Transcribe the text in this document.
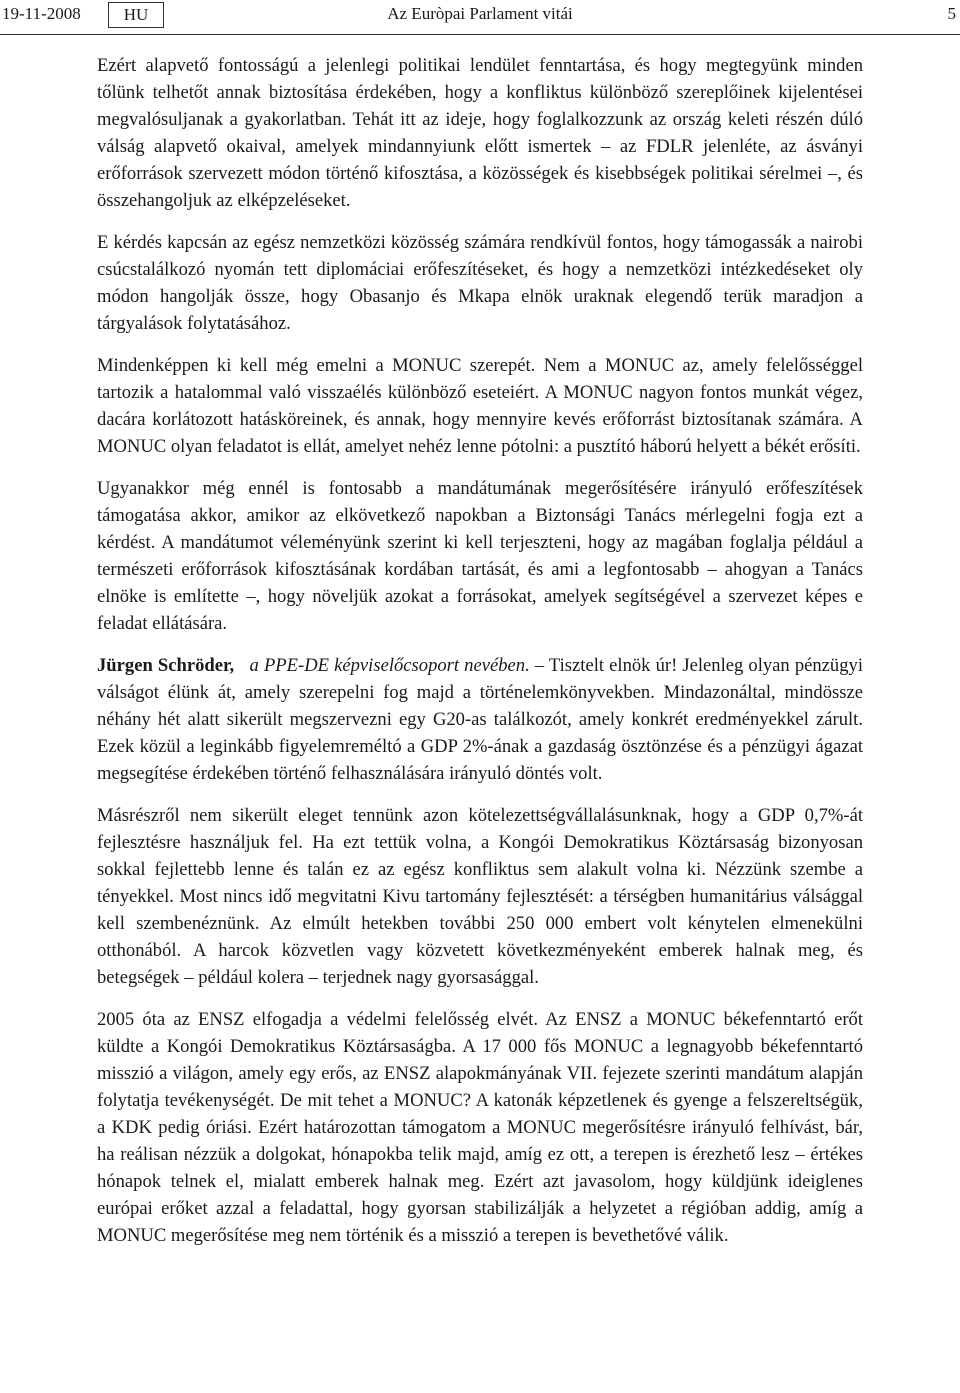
19-11-2008	HU	Az Euròpai Parlament vitái	5

Ezért alapvető fontosságú a jelenlegi politikai lendület fenntartása, és hogy megtegyünk minden tőlünk telhetőt annak biztosítása érdekében, hogy a konfliktus különböző szereplőinek kijelentései megvalósuljanak a gyakorlatban. Tehát itt az ideje, hogy foglalkozzunk az ország keleti részén dúló válság alapvető okaival, amelyek mindannyiunk előtt ismertek – az FDLR jelenléte, az ásványi erőforrások szervezett módon történő kifosztása, a közösségek és kisebbségek politikai sérelmei –, és összehangoljuk az elképzeléseket.

E kérdés kapcsán az egész nemzetközi közösség számára rendkívül fontos, hogy támogassák a nairobi csúcstalálkozó nyomán tett diplomáciai erőfeszítéseket, és hogy a nemzetközi intézkedéseket oly módon hangolják össze, hogy Obasanjo és Mkapa elnök uraknak elegendő terük maradjon a tárgyalások folytatásához.

Mindenképpen ki kell még emelni a MONUC szerepét. Nem a MONUC az, amely felelősséggel tartozik a hatalommal való visszaélés különböző eseteiért. A MONUC nagyon fontos munkát végez, dacára korlátozott hatásköreinek, és annak, hogy mennyire kevés erőforrást biztosítanak számára. A MONUC olyan feladatot is ellát, amelyet nehéz lenne pótolni: a pusztító háború helyett a békét erősíti.

Ugyanakkor még ennél is fontosabb a mandátumának megerősítésére irányuló erőfeszítések támogatása akkor, amikor az elkövetkező napokban a Biztonsági Tanács mérlegelni fogja ezt a kérdést. A mandátumot véleményünk szerint ki kell terjeszteni, hogy az magában foglalja például a természeti erőforrások kifosztásának kordában tartását, és ami a legfontosabb – ahogyan a Tanács elnöke is említette –, hogy növeljük azokat a forrásokat, amelyek segítségével a szervezet képes e feladat ellátására.

Jürgen Schröder, a PPE-DE képviselőcsoport nevében. – Tisztelt elnök úr! Jelenleg olyan pénzügyi válságot élünk át, amely szerepelni fog majd a történelemkönyvekben. Mindazonáltal, mindössze néhány hét alatt sikerült megszervezni egy G20-as találkozót, amely konkrét eredményekkel zárult. Ezek közül a leginkább figyelemreméltó a GDP 2%-ának a gazdaság ösztönzése és a pénzügyi ágazat megsegítése érdekében történő felhasználására irányuló döntés volt.

Másrészről nem sikerült eleget tennünk azon kötelezettségvállalásunknak, hogy a GDP 0,7%-át fejlesztésre használjuk fel. Ha ezt tettük volna, a Kongói Demokratikus Köztársaság bizonyosan sokkal fejlettebb lenne és talán ez az egész konfliktus sem alakult volna ki. Nézzünk szembe a tényekkel. Most nincs idő megvitatni Kivu tartomány fejlesztését: a térségben humanitárius válsággal kell szembenéznünk. Az elmúlt hetekben további 250 000 embert volt kénytelen elmenekülni otthonából. A harcok közvetlen vagy közvetett következményeként emberek halnak meg, és betegségek – például kolera – terjednek nagy gyorsasággal.

2005 óta az ENSZ elfogadja a védelmi felelősség elvét. Az ENSZ a MONUC békefenntartó erőt küldte a Kongói Demokratikus Köztársaságba. A 17 000 fős MONUC a legnagyobb békefenntartó misszió a világon, amely egy erős, az ENSZ alapokmányának VII. fejezete szerinti mandátum alapján folytatja tevékenységét. De mit tehet a MONUC? A katonák képzetlenek és gyenge a felszereltségük, a KDK pedig óriási. Ezért határozottan támogatom a MONUC megerősítésre irányuló felhívást, bár, ha reálisan nézzük a dolgokat, hónapokba telik majd, amíg ez ott, a terepen is érezhető lesz – értékes hónapok telnek el, mialatt emberek halnak meg. Ezért azt javasolom, hogy küldjünk ideiglenes európai erőket azzal a feladattal, hogy gyorsan stabilizálják a helyzetet a régióban addig, amíg a MONUC megerősítése meg nem történik és a misszió a terepen is bevethetővé válik.
